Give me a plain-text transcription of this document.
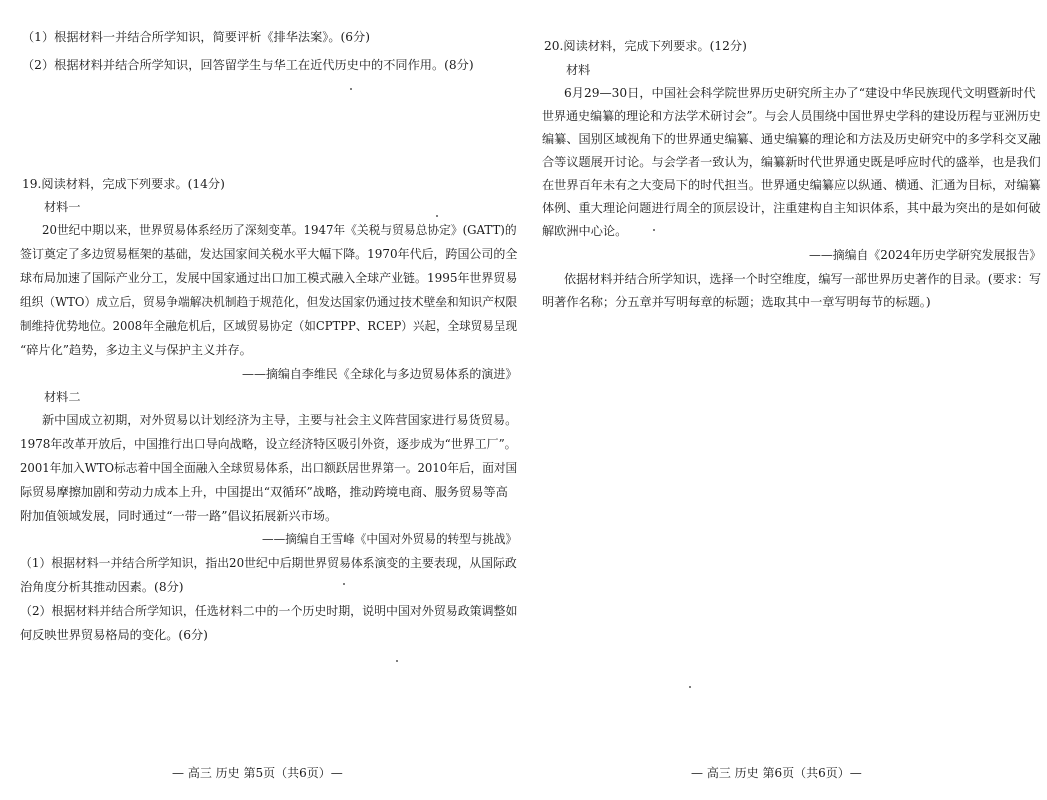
（1）根据材料一并结合所学知识，简要评析《排华法案》。(6分)
（2）根据材料并结合所学知识，回答留学生与华工在近代历史中的不同作用。(8分)
19.阅读材料，完成下列要求。(14分)
材料一
20世纪中期以来，世界贸易体系经历了深刻变革。1947年《关税与贸易总协定》(GATT)的
签订奠定了多边贸易框架的基础，发达国家间关税水平大幅下降。1970年代后，跨国公司的全
球布局加速了国际产业分工，发展中国家通过出口加工模式融入全球产业链。1995年世界贸易
组织（WTO）成立后，贸易争端解决机制趋于规范化，但发达国家仍通过技术壁垒和知识产权限
制维持优势地位。2008年全融危机后，区域贸易协定（如CPTPP、RCEP）兴起，全球贸易呈现
“碎片化”趋势，多边主义与保护主义并存。
——摘编自李维民《全球化与多边贸易体系的演进》
材料二
新中国成立初期，对外贸易以计划经济为主导，主要与社会主义阵营国家进行易货贸易。
1978年改革开放后，中国推行出口导向战略，设立经济特区吸引外资，逐步成为“世界工厂”。
2001年加入WTO标志着中国全面融入全球贸易体系，出口额跃居世界第一。2010年后，面对国
际贸易摩擦加剧和劳动力成本上升，中国提出“双循环”战略，推动跨境电商、服务贸易等高
附加值领域发展，同时通过“一带一路”倡议拓展新兴市场。
——摘编自王雪峰《中国对外贸易的转型与挑战》
（1）根据材料一并结合所学知识，指出20世纪中后期世界贸易体系演变的主要表现，从国际政
治角度分析其推动因素。(8分)
（2）根据材料并结合所学知识，任选材料二中的一个历史时期，说明中国对外贸易政策调整如
何反映世界贸易格局的变化。(6分)
— 高三 历史 第5页（共6页）—
20.阅读材料，完成下列要求。(12分)
材料
6月29—30日，中国社会科学院世界历史研究所主办了“建设中华民族现代文明暨新时代
世界通史编纂的理论和方法学术研讨会”。与会人员围绕中国世界史学科的建设历程与亚洲历史
编纂、国别区域视角下的世界通史编纂、通史编纂的理论和方法及历史研究中的多学科交叉融
合等议题展开讨论。与会学者一致认为，编纂新时代世界通史既是呼应时代的盛举，也是我们
在世界百年未有之大变局下的时代担当。世界通史编纂应以纵通、横通、汇通为目标，对编纂
体例、重大理论问题进行周全的顶层设计，注重建构自主知识体系，其中最为突出的是如何破
解欧洲中心论。
——摘编自《2024年历史学研究发展报告》
依据材料并结合所学知识，选择一个时空维度，编写一部世界历史著作的目录。(要求：写
明著作名称；分五章并写明每章的标题；选取其中一章写明每节的标题。)
— 高三 历史 第6页（共6页）—
